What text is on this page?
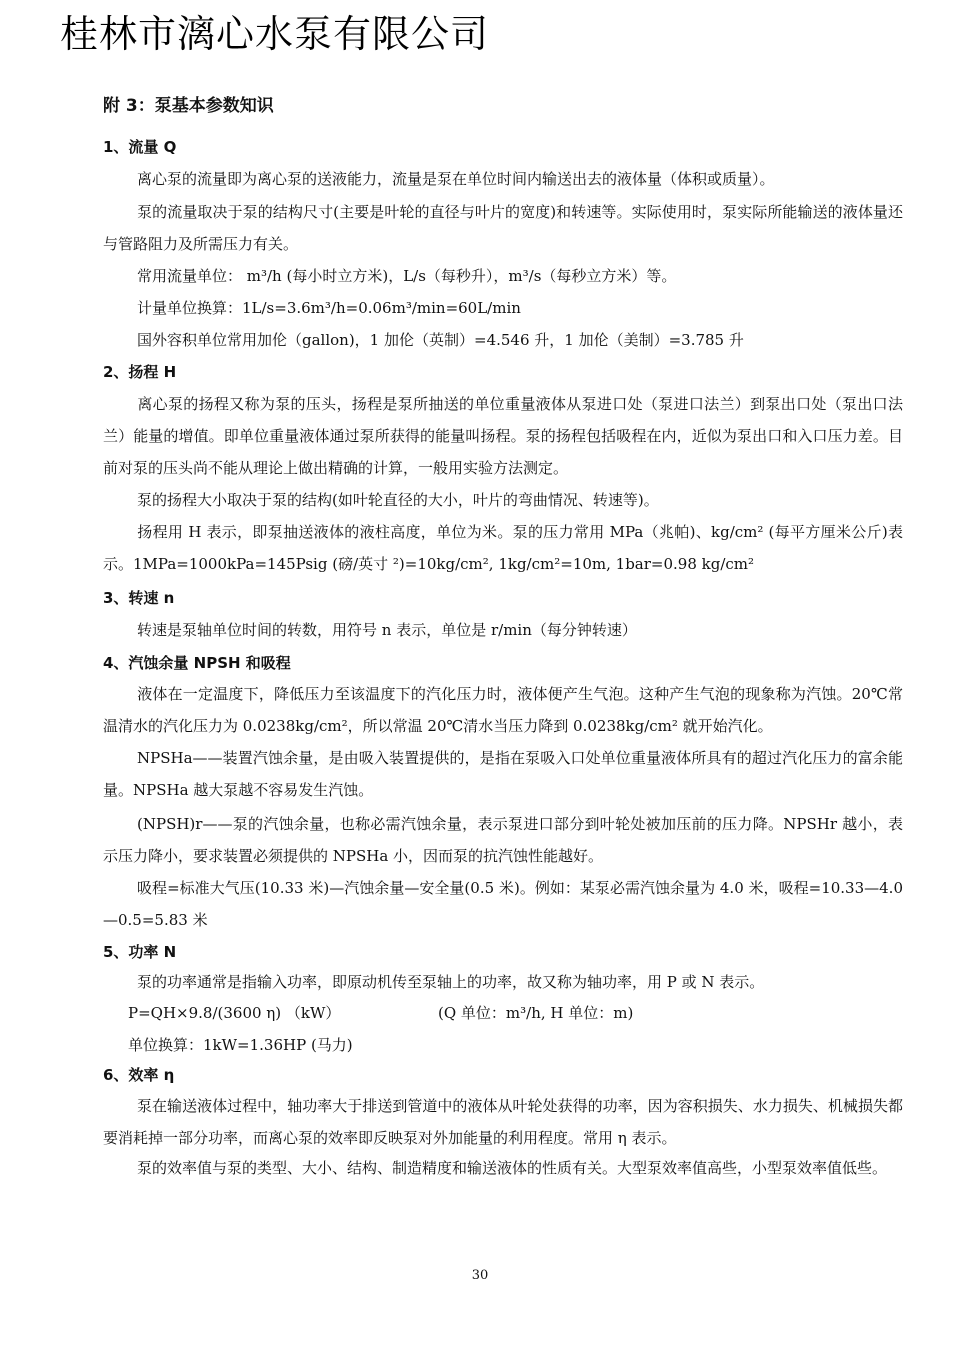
桂林市漓心水泵有限公司
附 3：泵基本参数知识
1、流量 Q
离心泵的流量即为离心泵的送液能力，流量是泵在单位时间内输送出去的液体量（体积或质量）。
泵的流量取决于泵的结构尺寸(主要是叶轮的直径与叶片的宽度)和转速等。实际使用时，泵实际所能输送的液体量还与管路阻力及所需压力有关。
常用流量单位： m³/h (每小时立方米)，L/s（每秒升），m³/s（每秒立方米）等。
计量单位换算：1L/s=3.6m³/h=0.06m³/min=60L/min
国外容积单位常用加伦（gallon)，1 加伦（英制）=4.546 升，1 加伦（美制）=3.785 升
2、扬程 H
离心泵的扬程又称为泵的压头，扬程是泵所抽送的单位重量液体从泵进口处（泵进口法兰）到泵出口处（泵出口法兰）能量的增值。即单位重量液体通过泵所获得的能量叫扬程。泵的扬程包括吸程在内，近似为泵出口和入口压力差。目前对泵的压头尚不能从理论上做出精确的计算，一般用实验方法测定。
泵的扬程大小取决于泵的结构(如叶轮直径的大小，叶片的弯曲情况、转速等)。
扬程用 H 表示，即泵抽送液体的液柱高度，单位为米。泵的压力常用 MPa（兆帕)、kg/cm² (每平方厘米公斤)表示。1MPa=1000kPa=145Psig (磅/英寸 ²)=10kg/cm², 1kg/cm²=10m, 1bar=0.98 kg/cm²
3、转速 n
转速是泵轴单位时间的转数，用符号 n 表示，单位是 r/min（每分钟转速）
4、汽蚀余量 NPSH 和吸程
液体在一定温度下，降低压力至该温度下的汽化压力时，液体便产生气泡。这种产生气泡的现象称为汽蚀。20℃常温清水的汽化压力为 0.0238kg/cm²，所以常温 20℃清水当压力降到 0.0238kg/cm² 就开始汽化。
NPSHa——装置汽蚀余量，是由吸入装置提供的，是指在泵吸入口处单位重量液体所具有的超过汽化压力的富余能量。NPSHa 越大泵越不容易发生汽蚀。
(NPSH)r——泵的汽蚀余量，也称必需汽蚀余量，表示泵进口部分到叶轮处被加压前的压力降。NPSHr 越小，表示压力降小，要求装置必须提供的 NPSHa 小，因而泵的抗汽蚀性能越好。
吸程=标准大气压(10.33 米)—汽蚀余量—安全量(0.5 米)。例如：某泵必需汽蚀余量为 4.0 米，吸程=10.33—4.0—0.5=5.83 米
5、功率 N
泵的功率通常是指输入功率，即原动机传至泵轴上的功率，故又称为轴功率，用 P 或 N 表示。
P=QH×9.8/(3600 η) （kW）	(Q 单位：m³/h, H 单位：m)
单位换算：1kW=1.36HP (马力)
6、效率 η
泵在输送液体过程中，轴功率大于排送到管道中的液体从叶轮处获得的功率，因为容积损失、水力损失、机械损失都要消耗掉一部分功率，而离心泵的效率即反映泵对外加能量的利用程度。常用 η 表示。
泵的效率值与泵的类型、大小、结构、制造精度和输送液体的性质有关。大型泵效率值高些，小型泵效率值低些。
30
